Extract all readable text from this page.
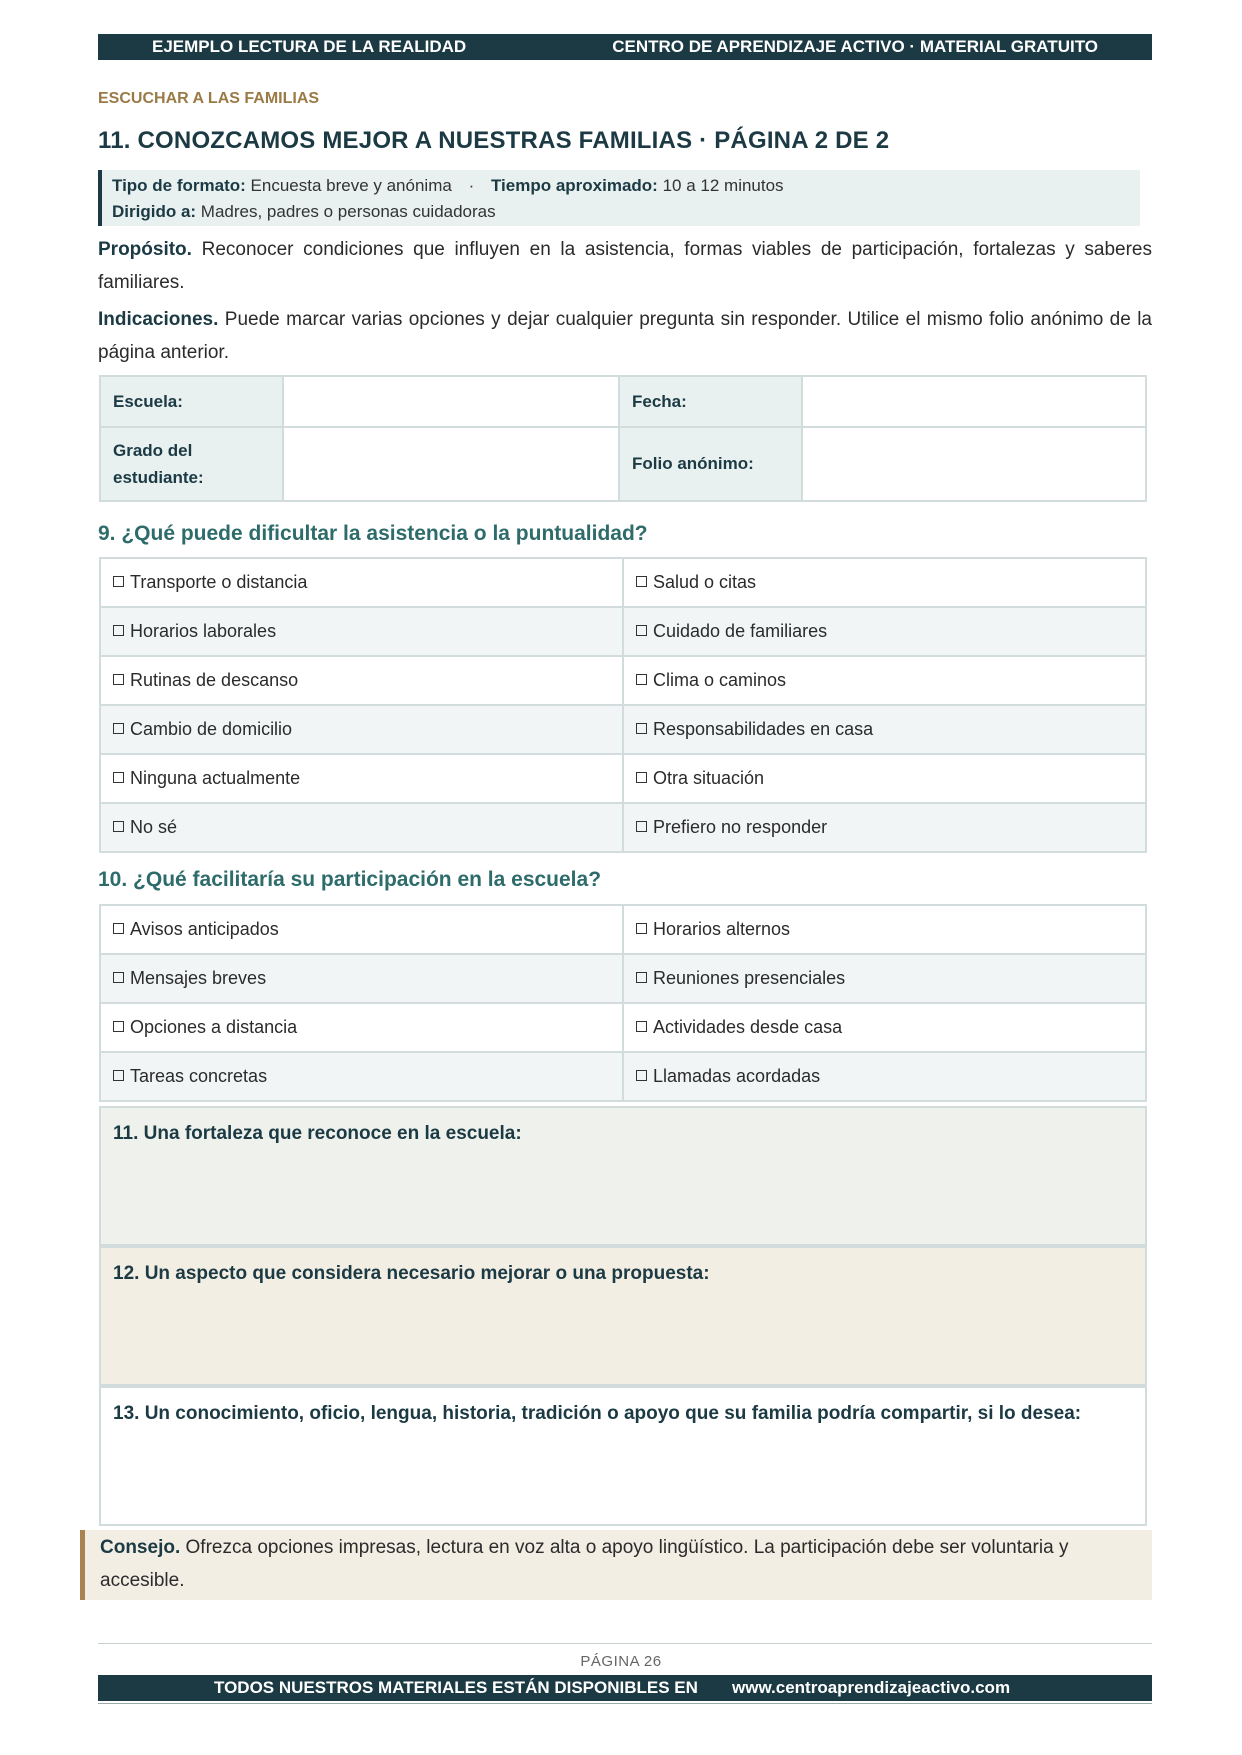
EJEMPLO LECTURA DE LA REALIDAD	CENTRO DE APRENDIZAJE ACTIVO · MATERIAL GRATUITO
ESCUCHAR A LAS FAMILIAS
11. CONOZCAMOS MEJOR A NUESTRAS FAMILIAS · PÁGINA 2 DE 2
Tipo de formato: Encuesta breve y anónima · Tiempo aproximado: 10 a 12 minutos
Dirigido a: Madres, padres o personas cuidadoras
Propósito. Reconocer condiciones que influyen en la asistencia, formas viables de participación, fortalezas y saberes familiares.
Indicaciones. Puede marcar varias opciones y dejar cualquier pregunta sin responder. Utilice el mismo folio anónimo de la página anterior.
Escuela:		Fecha:	
Grado del estudiante:		Folio anónimo:	
9. ¿Qué puede dificultar la asistencia o la puntualidad?
Transporte o distancia	Salud o citas
Horarios laborales	Cuidado de familiares
Rutinas de descanso	Clima o caminos
Cambio de domicilio	Responsabilidades en casa
Ninguna actualmente	Otra situación
No sé	Prefiero no responder
10. ¿Qué facilitaría su participación en la escuela?
Avisos anticipados	Horarios alternos
Mensajes breves	Reuniones presenciales
Opciones a distancia	Actividades desde casa
Tareas concretas	Llamadas acordadas
11. Una fortaleza que reconoce en la escuela:
12. Un aspecto que considera necesario mejorar o una propuesta:
13. Un conocimiento, oficio, lengua, historia, tradición o apoyo que su familia podría compartir, si lo desea:
Consejo. Ofrezca opciones impresas, lectura en voz alta o apoyo lingüístico. La participación debe ser voluntaria y accesible.
PÁGINA 26
TODOS NUESTROS MATERIALES ESTÁN DISPONIBLES EN www.centroaprendizajeactivo.com
